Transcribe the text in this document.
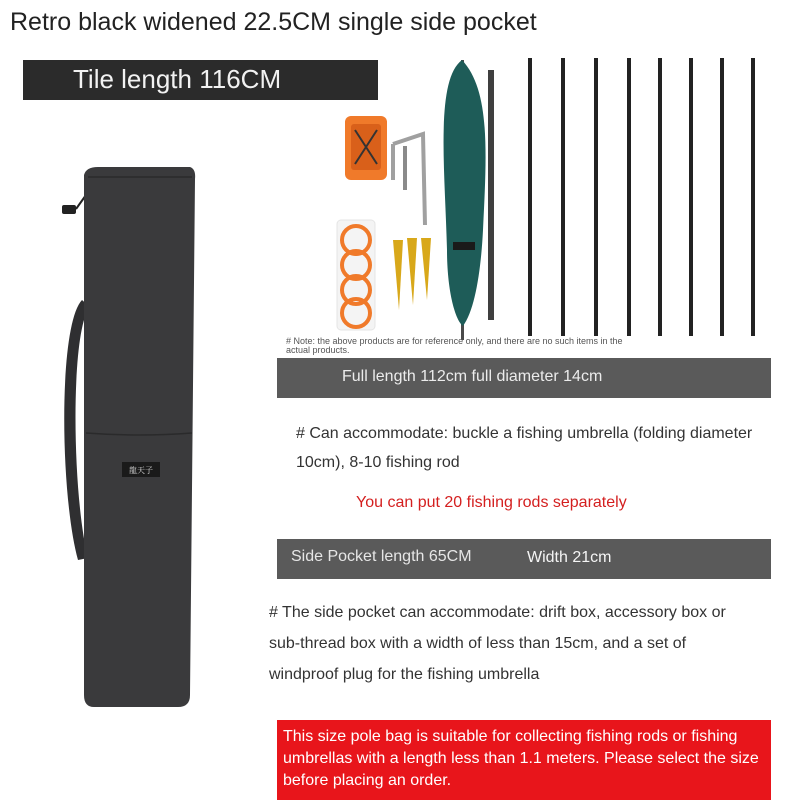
Retro black widened 22.5CM single side pocket
Tile length 116CM
龍天子
# Note: the above products are for reference only, and there are no such items in the actual products.
Full length 112cm full diameter 14cm
# Can accommodate: buckle a fishing umbrella (folding diameter 10cm), 8-10 fishing rod
You can put 20 fishing rods separately
Side Pocket length 65CM	Width 21cm
# The side pocket can accommodate: drift box, accessory box or sub-thread box with a width of less than 15cm, and a set of windproof plug for the fishing umbrella
This size pole bag is suitable for collecting fishing rods or fishing umbrellas with a length less than 1.1 meters. Please select the size before placing an order.
